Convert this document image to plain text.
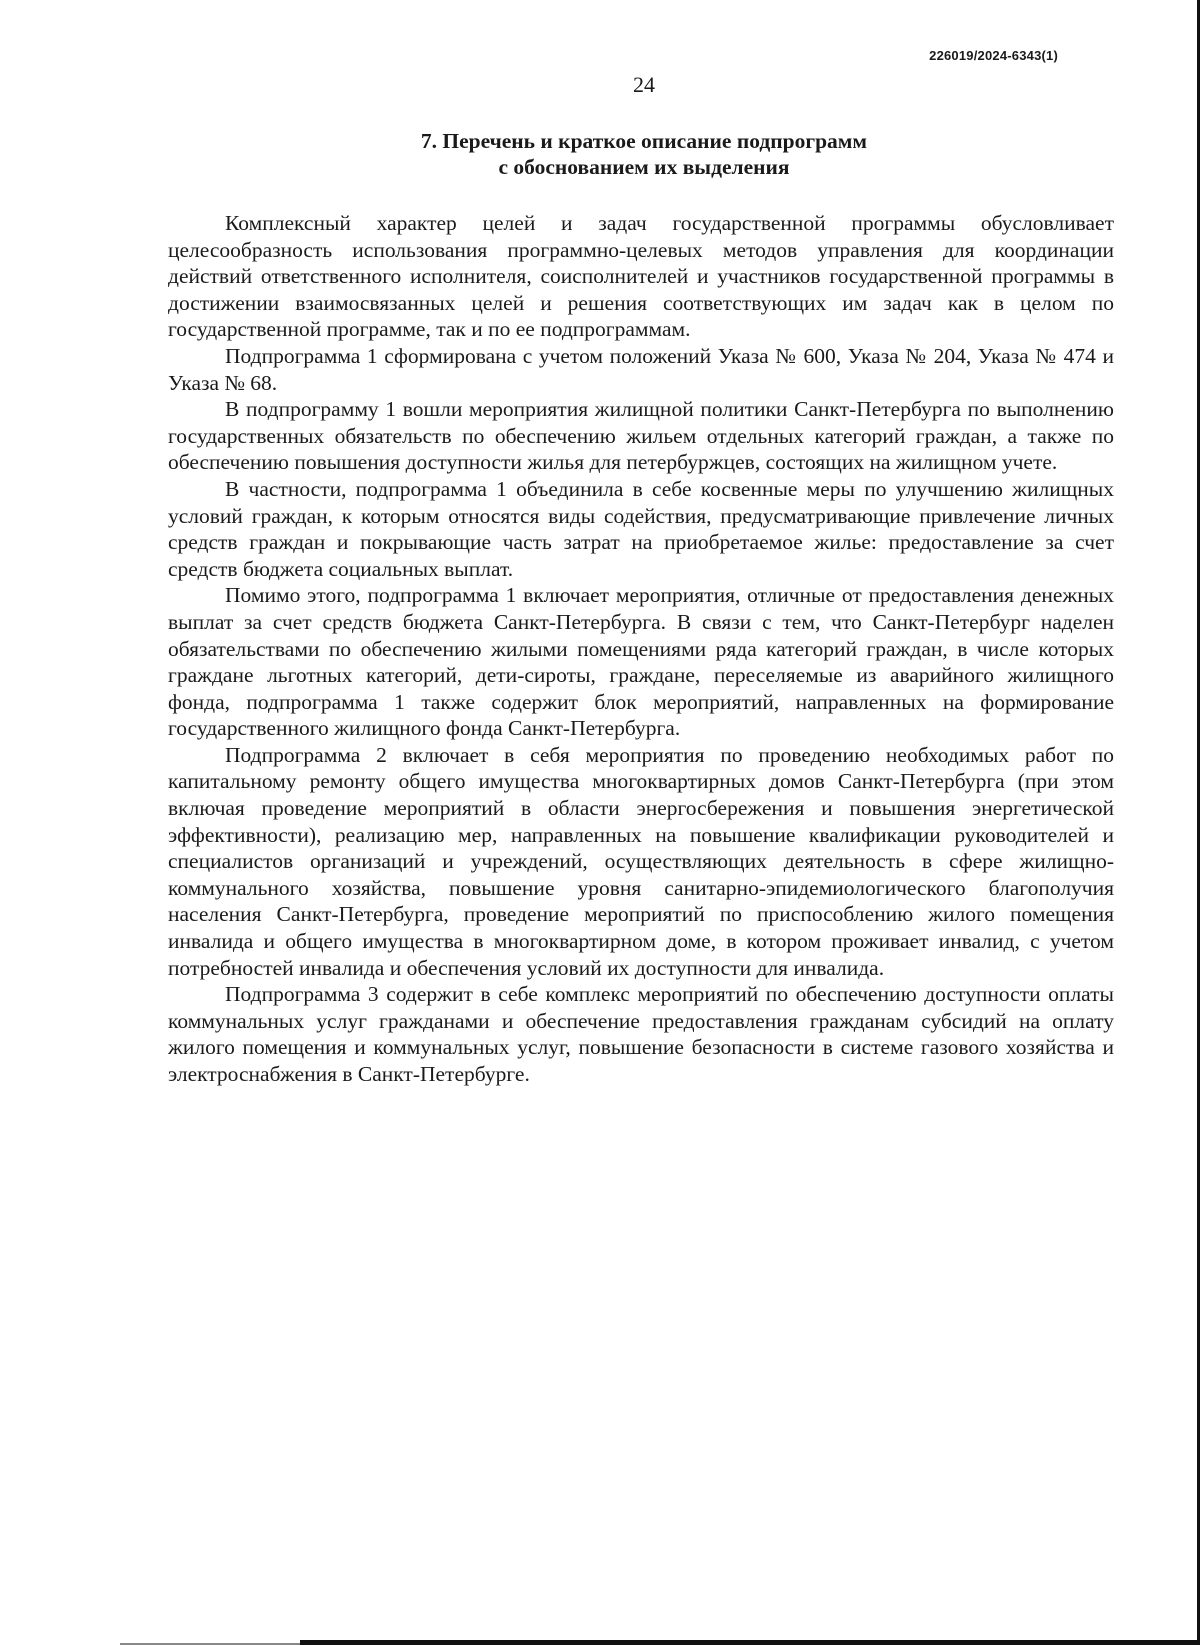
226019/2024-6343(1)
24
7. Перечень и краткое описание подпрограмм
с обоснованием их выделения

Комплексный характер целей и задач государственной программы обусловливает целесообразность использования программно-целевых методов управления для координации действий ответственного исполнителя, соисполнителей и участников государственной программы в достижении взаимосвязанных целей и решения соответствующих им задач как в целом по государственной программе, так и по ее подпрограммам.

Подпрограмма 1 сформирована с учетом положений Указа № 600, Указа № 204, Указа № 474 и Указа № 68.

В подпрограмму 1 вошли мероприятия жилищной политики Санкт-Петербурга по выполнению государственных обязательств по обеспечению жильем отдельных категорий граждан, а также по обеспечению повышения доступности жилья для петербуржцев, состоящих на жилищном учете.

В частности, подпрограмма 1 объединила в себе косвенные меры по улучшению жилищных условий граждан, к которым относятся виды содействия, предусматривающие привлечение личных средств граждан и покрывающие часть затрат на приобретаемое жилье: предоставление за счет средств бюджета социальных выплат.

Помимо этого, подпрограмма 1 включает мероприятия, отличные от предоставления денежных выплат за счет средств бюджета Санкт-Петербурга. В связи с тем, что Санкт-Петербург наделен обязательствами по обеспечению жилыми помещениями ряда категорий граждан, в числе которых граждане льготных категорий, дети-сироты, граждане, переселяемые из аварийного жилищного фонда, подпрограмма 1 также содержит блок мероприятий, направленных на формирование государственного жилищного фонда Санкт-Петербурга.

Подпрограмма 2 включает в себя мероприятия по проведению необходимых работ по капитальному ремонту общего имущества многоквартирных домов Санкт-Петербурга (при этом включая проведение мероприятий в области энергосбережения и повышения энергетической эффективности), реализацию мер, направленных на повышение квалификации руководителей и специалистов организаций и учреждений, осуществляющих деятельность в сфере жилищно-коммунального хозяйства, повышение уровня санитарно-эпидемиологического благополучия населения Санкт-Петербурга, проведение мероприятий по приспособлению жилого помещения инвалида и общего имущества в многоквартирном доме, в котором проживает инвалид, с учетом потребностей инвалида и обеспечения условий их доступности для инвалида.

Подпрограмма 3 содержит в себе комплекс мероприятий по обеспечению доступности оплаты коммунальных услуг гражданами и обеспечение предоставления гражданам субсидий на оплату жилого помещения и коммунальных услуг, повышение безопасности в системе газового хозяйства и электроснабжения в Санкт-Петербурге.
